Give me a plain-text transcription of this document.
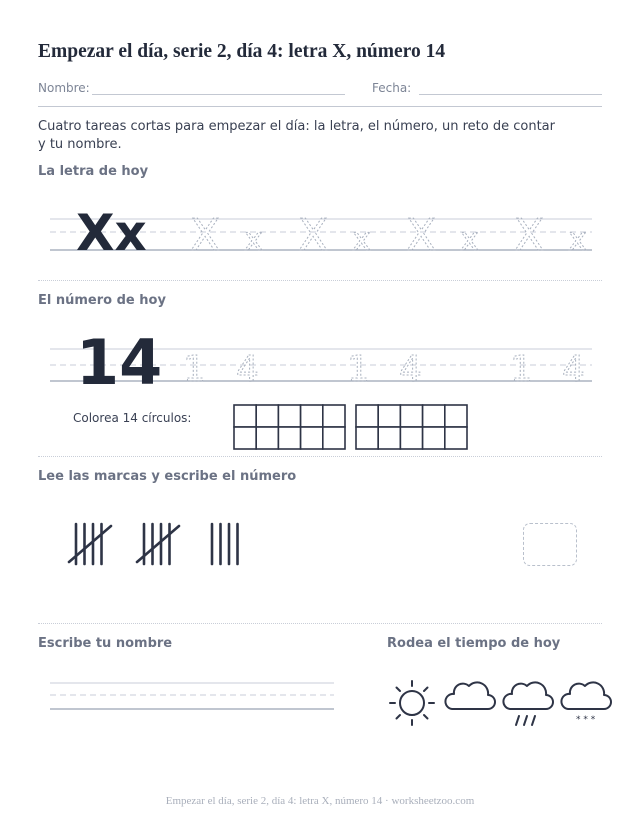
Empezar el día, serie 2, día 4: letra X, número 14
Nombre:	Fecha:
Cuatro tareas cortas para empezar el día: la letra, el número, un reto de contar y tu nombre.
La letra de hoy
Xx X x X x X x X x
El número de hoy
14 1 4 1 4 1 4
Colorea 14 círculos:
Lee las marcas y escribe el número
Escribe tu nombre	Rodea el tiempo de hoy
* * *
Empezar el día, serie 2, día 4: letra X, número 14 · worksheetzoo.com
